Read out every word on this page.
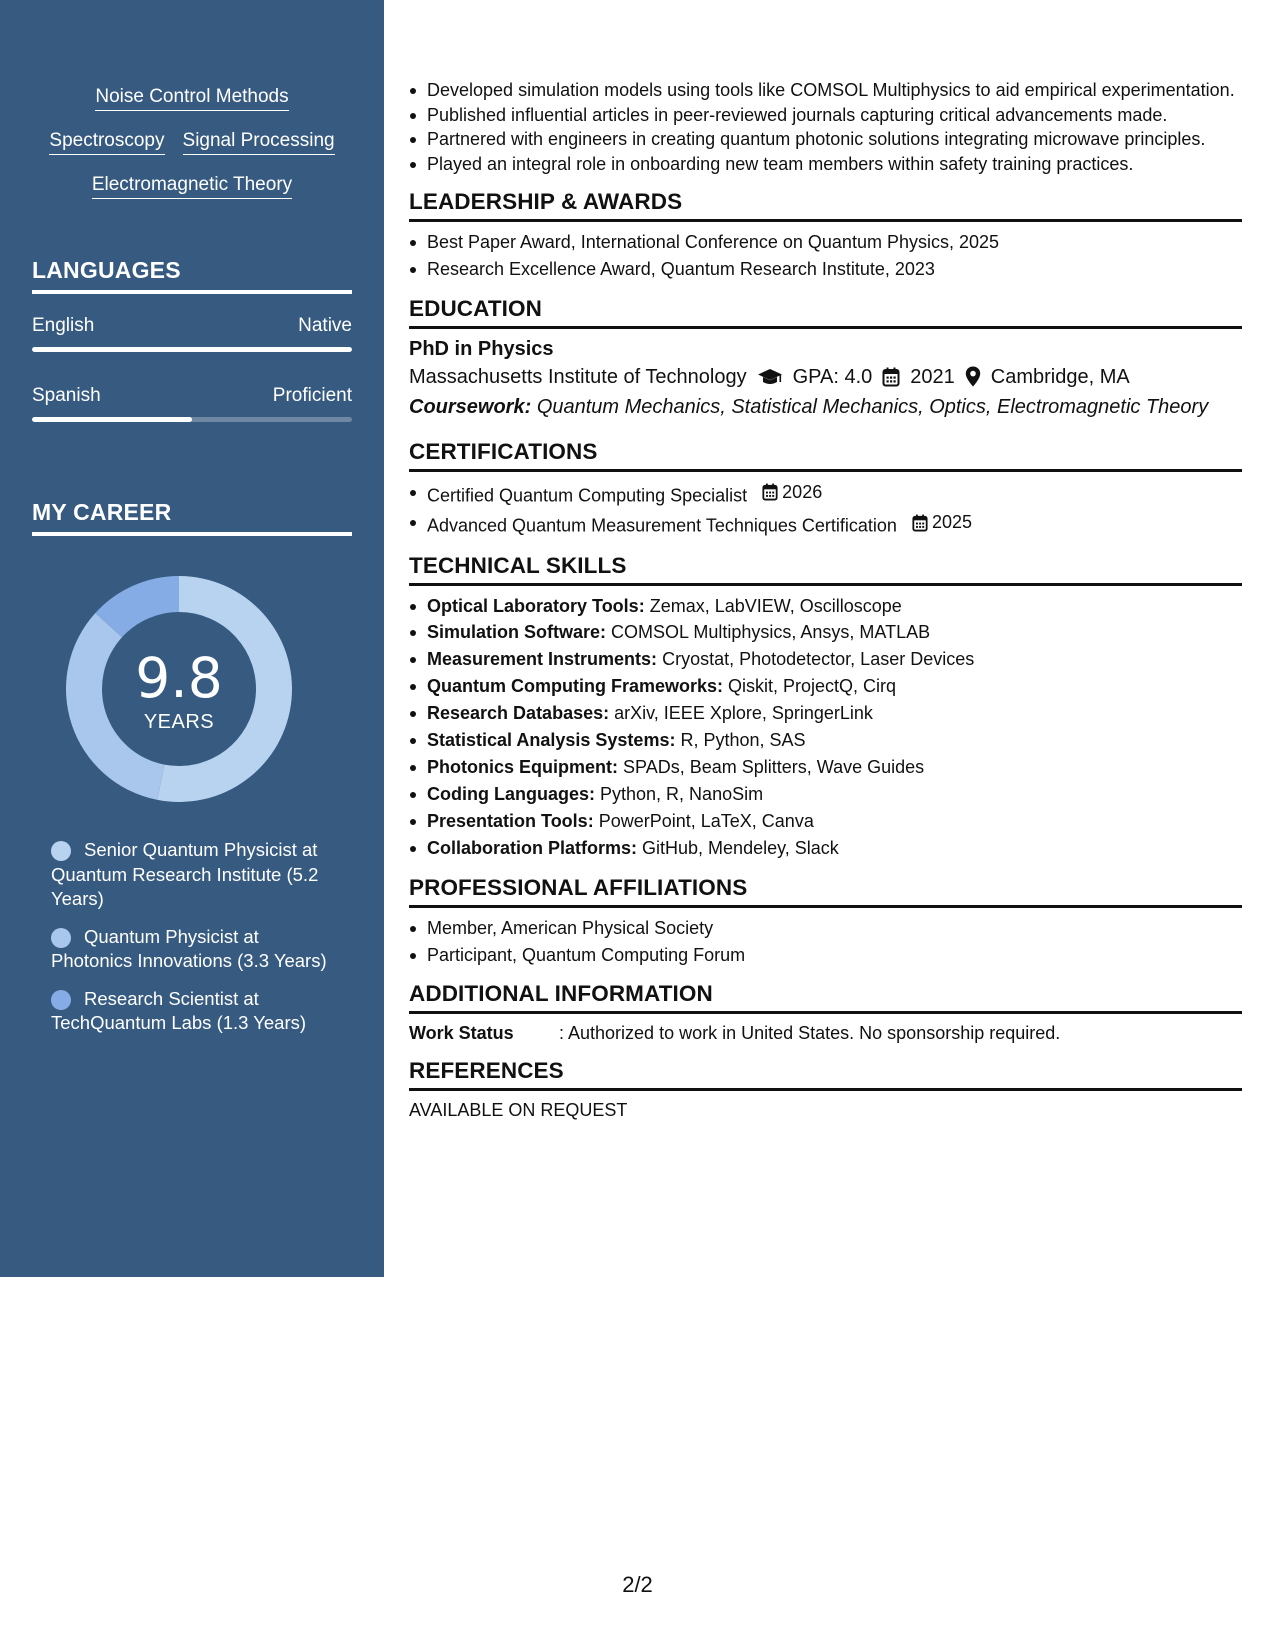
Noise Control Methods
Spectroscopy Signal Processing
Electromagnetic Theory
LANGUAGES
English	Native
Spanish	Proficient
MY CAREER
9.8
YEARS
Senior Quantum Physicist at Quantum Research Institute (5.2 Years)
Quantum Physicist at Photonics Innovations (3.3 Years)
Research Scientist at TechQuantum Labs (1.3 Years)
Developed simulation models using tools like COMSOL Multiphysics to aid empirical experimentation.
Published influential articles in peer-reviewed journals capturing critical advancements made.
Partnered with engineers in creating quantum photonic solutions integrating microwave principles.
Played an integral role in onboarding new team members within safety training practices.
LEADERSHIP & AWARDS
Best Paper Award, International Conference on Quantum Physics, 2025
Research Excellence Award, Quantum Research Institute, 2023
EDUCATION
PhD in Physics
Massachusetts Institute of Technology GPA: 4.0 2021 Cambridge, MA
Coursework: Quantum Mechanics, Statistical Mechanics, Optics, Electromagnetic Theory
CERTIFICATIONS
Certified Quantum Computing Specialist 2026
Advanced Quantum Measurement Techniques Certification 2025
TECHNICAL SKILLS
Optical Laboratory Tools: Zemax, LabVIEW, Oscilloscope
Simulation Software: COMSOL Multiphysics, Ansys, MATLAB
Measurement Instruments: Cryostat, Photodetector, Laser Devices
Quantum Computing Frameworks: Qiskit, ProjectQ, Cirq
Research Databases: arXiv, IEEE Xplore, SpringerLink
Statistical Analysis Systems: R, Python, SAS
Photonics Equipment: SPADs, Beam Splitters, Wave Guides
Coding Languages: Python, R, NanoSim
Presentation Tools: PowerPoint, LaTeX, Canva
Collaboration Platforms: GitHub, Mendeley, Slack
PROFESSIONAL AFFILIATIONS
Member, American Physical Society
Participant, Quantum Computing Forum
ADDITIONAL INFORMATION
Work Status	: Authorized to work in United States. No sponsorship required.
REFERENCES
AVAILABLE ON REQUEST
2/2
